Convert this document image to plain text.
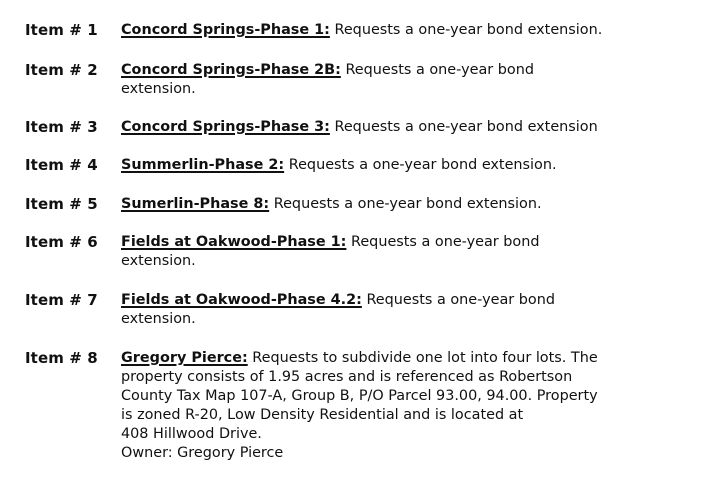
Item # 1 Concord Springs-Phase 1: Requests a one-year bond extension.
Item # 2 Concord Springs-Phase 2B: Requests a one-year bond
extension.
Item # 3 Concord Springs-Phase 3: Requests a one-year bond extension
Item # 4 Summerlin-Phase 2: Requests a one-year bond extension.
Item # 5 Sumerlin-Phase 8: Requests a one-year bond extension.
Item # 6 Fields at Oakwood-Phase 1: Requests a one-year bond
extension.
Item # 7 Fields at Oakwood-Phase 4.2: Requests a one-year bond
extension.
Item # 8 Gregory Pierce: Requests to subdivide one lot into four lots. The
property consists of 1.95 acres and is referenced as Robertson
County Tax Map 107-A, Group B, P/O Parcel 93.00, 94.00. Property
is zoned R-20, Low Density Residential and is located at
408 Hillwood Drive.
Owner: Gregory Pierce
